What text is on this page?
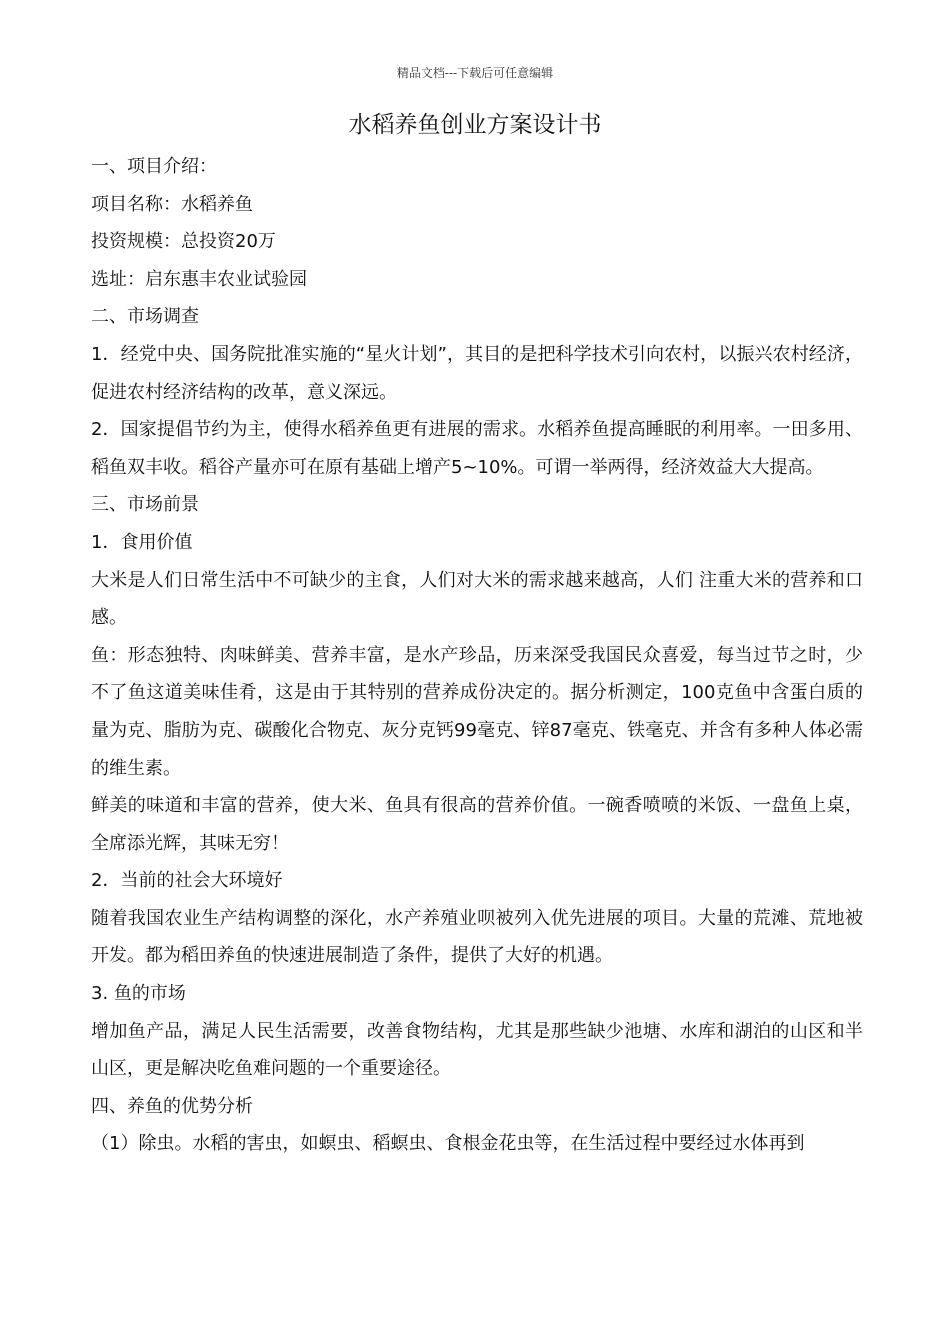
精品文档---下载后可任意编辑
水稻养鱼创业方案设计书

一、项目介绍：

项目名称：水稻养鱼

投资规模：总投资20万

选址：启东惠丰农业试验园

二、市场调查

1．经党中央、国务院批准实施的“星火计划”，其目的是把科学技术引向农村，以振兴农村经济，促进农村经济结构的改革，意义深远。

2．国家提倡节约为主，使得水稻养鱼更有进展的需求。水稻养鱼提高睡眠的利用率。一田多用、稻鱼双丰收。稻谷产量亦可在原有基础上增产5~10%。可谓一举两得，经济效益大大提高。

三、市场前景

1．食用价值

大米是人们日常生活中不可缺少的主食，人们对大米的需求越来越高，人们 注重大米的营养和口感。

鱼：形态独特、肉味鲜美、营养丰富，是水产珍品，历来深受我国民众喜爱，每当过节之时，少不了鱼这道美味佳肴，这是由于其特别的营养成份决定的。据分析测定，100克鱼中含蛋白质的量为克、脂肪为克、碳酸化合物克、灰分克钙99毫克、锌87毫克、铁毫克、并含有多种人体必需的维生素。

鲜美的味道和丰富的营养，使大米、鱼具有很高的营养价值。一碗香喷喷的米饭、一盘鱼上桌，全席添光辉，其味无穷！

2．当前的社会大环境好

随着我国农业生产结构调整的深化，水产养殖业呗被列入优先进展的项目。大量的荒滩、荒地被开发。都为稻田养鱼的快速进展制造了条件，提供了大好的机遇。

3. 鱼的市场

增加鱼产品，满足人民生活需要，改善食物结构，尤其是那些缺少池塘、水库和湖泊的山区和半山区，更是解决吃鱼难问题的一个重要途径。

四、养鱼的优势分析

（1）除虫。水稻的害虫，如螟虫、稻螟虫、食根金花虫等，在生活过程中要经过水体再到
